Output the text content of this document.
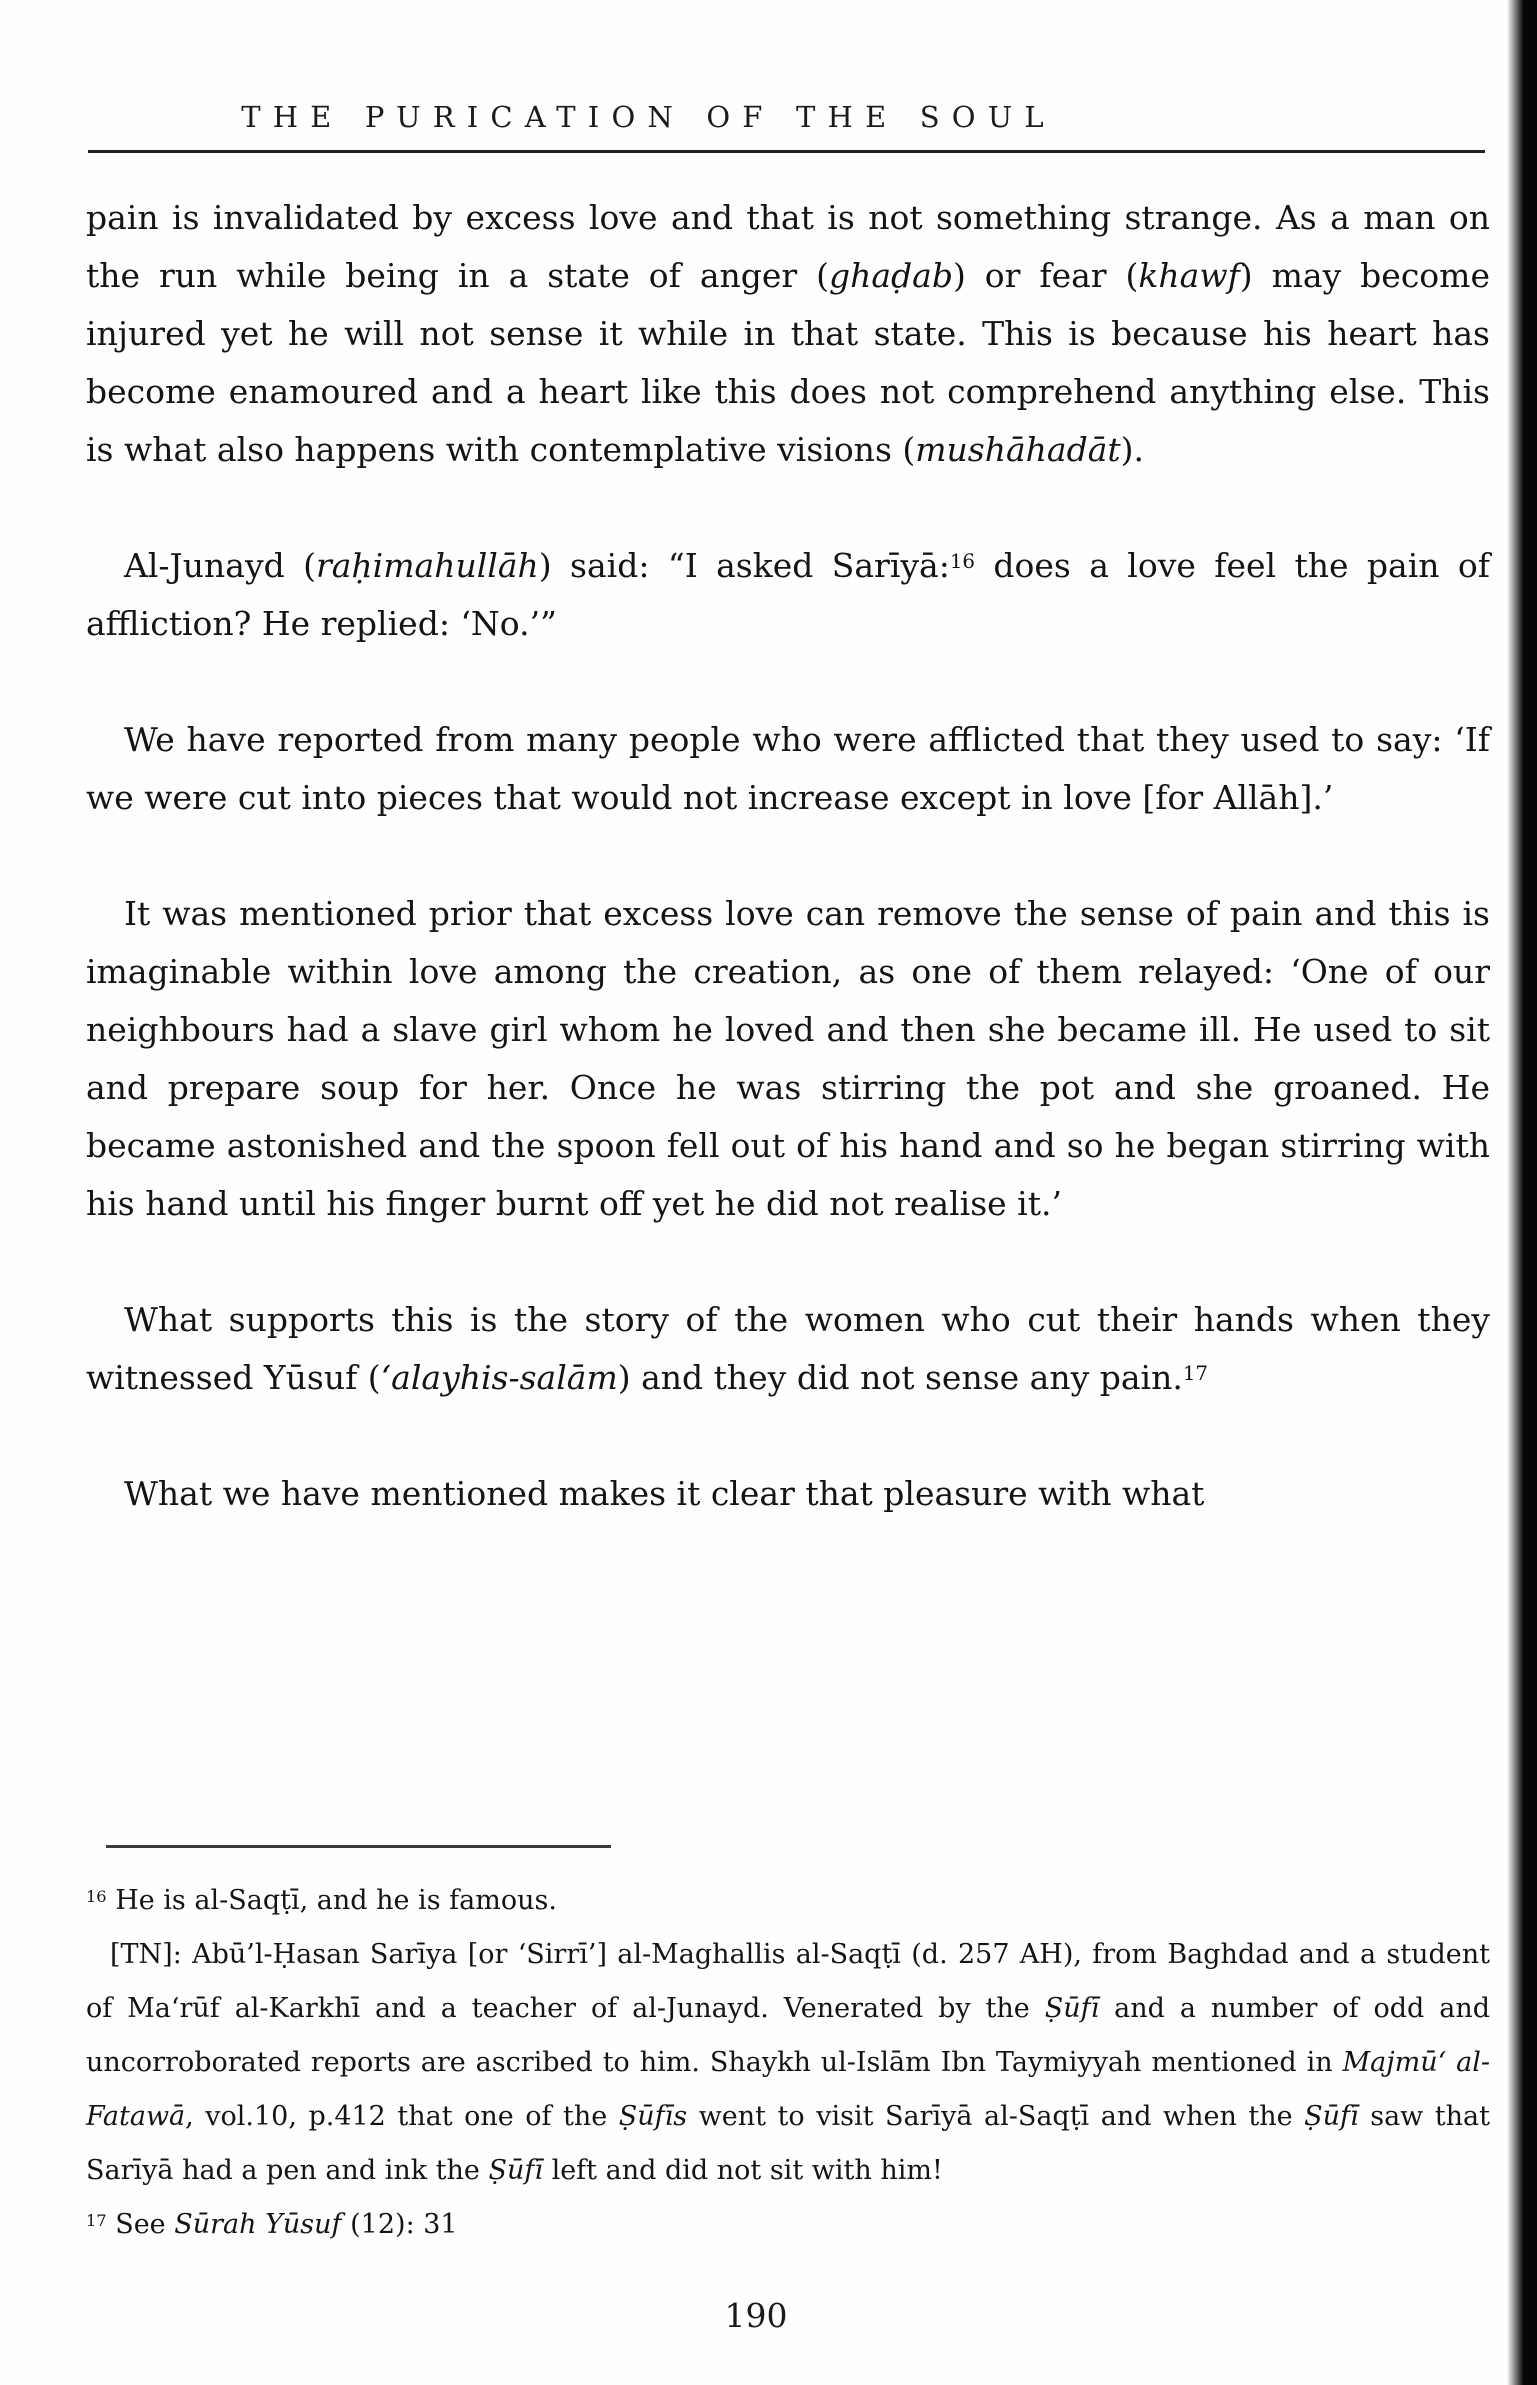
THE PURICATION OF THE SOUL

pain is invalidated by excess love and that is not something strange. As a man on the run while being in a state of anger (ghaḍab) or fear (khawf) may become injured yet he will not sense it while in that state. This is because his heart has become enamoured and a heart like this does not comprehend anything else. This is what also happens with contemplative visions (mushāhadāt).

Al-Junayd (raḥimahullāh) said: “I asked Sarīyā:$^{16}$ does a love feel the pain of affliction? He replied: ‘No.’”

We have reported from many people who were afflicted that they used to say: ‘If we were cut into pieces that would not increase except in love [for Allāh].’

It was mentioned prior that excess love can remove the sense of pain and this is imaginable within love among the creation, as one of them relayed: ‘One of our neighbours had a slave girl whom he loved and then she became ill. He used to sit and prepare soup for her. Once he was stirring the pot and she groaned. He became astonished and the spoon fell out of his hand and so he began stirring with his hand until his finger burnt off yet he did not realise it.’

What supports this is the story of the women who cut their hands when they witnessed Yūsuf (‘alayhis-salām) and they did not sense any pain.$^{17}$

What we have mentioned makes it clear that pleasure with what

$^{16}$ He is al-Saqṭī, and he is famous.

[TN]: Abū’l-Ḥasan Sarīya [or ‘Sirrī’] al-Maghallis al-Saqṭī (d. 257 AH), from Baghdad and a student of Ma‘rūf al-Karkhī and a teacher of al-Junayd. Venerated by the Ṣūfī and a number of odd and uncorroborated reports are ascribed to him. Shaykh ul-Islām Ibn Taymiyyah mentioned in Majmū‘ al-Fatawā, vol.10, p.412 that one of the Ṣūfīs went to visit Sarīyā al-Saqṭī and when the Ṣūfī saw that Sarīyā had a pen and ink the Ṣūfī left and did not sit with him!

$^{17}$ See Sūrah Yūsuf (12): 31

190
